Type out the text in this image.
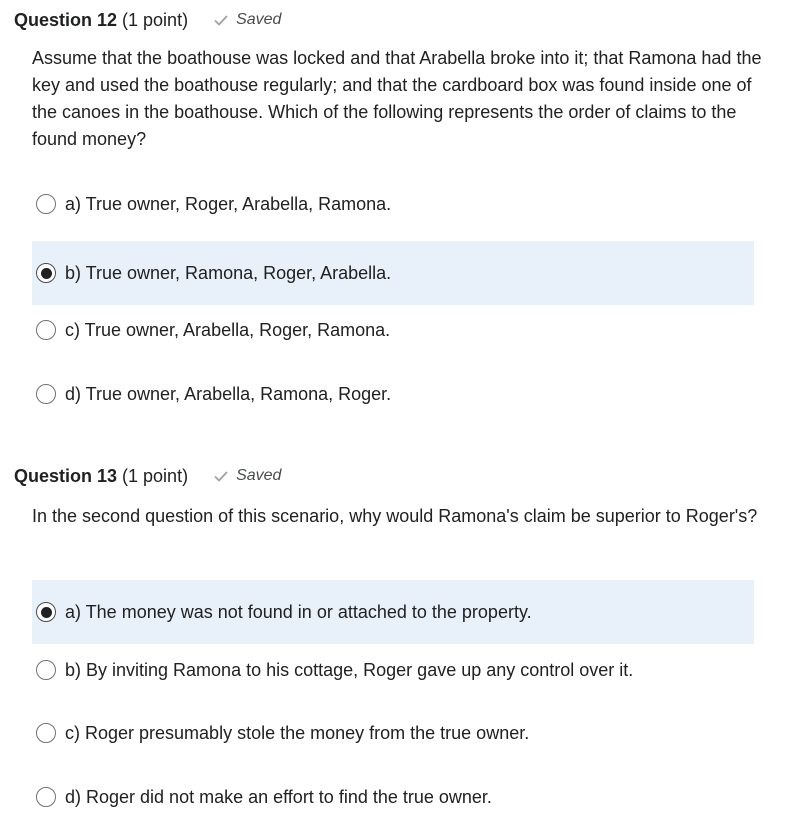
Question 12 (1 point)	Saved
Assume that the boathouse was locked and that Arabella broke into it; that Ramona had the key and used the boathouse regularly; and that the cardboard box was found inside one of the canoes in the boathouse. Which of the following represents the order of claims to the found money?
a) True owner, Roger, Arabella, Ramona.
b) True owner, Ramona, Roger, Arabella.
c) True owner, Arabella, Roger, Ramona.
d) True owner, Arabella, Ramona, Roger.
Question 13 (1 point)	Saved
In the second question of this scenario, why would Ramona's claim be superior to Roger's?
a) The money was not found in or attached to the property.
b) By inviting Ramona to his cottage, Roger gave up any control over it.
c) Roger presumably stole the money from the true owner.
d) Roger did not make an effort to find the true owner.
